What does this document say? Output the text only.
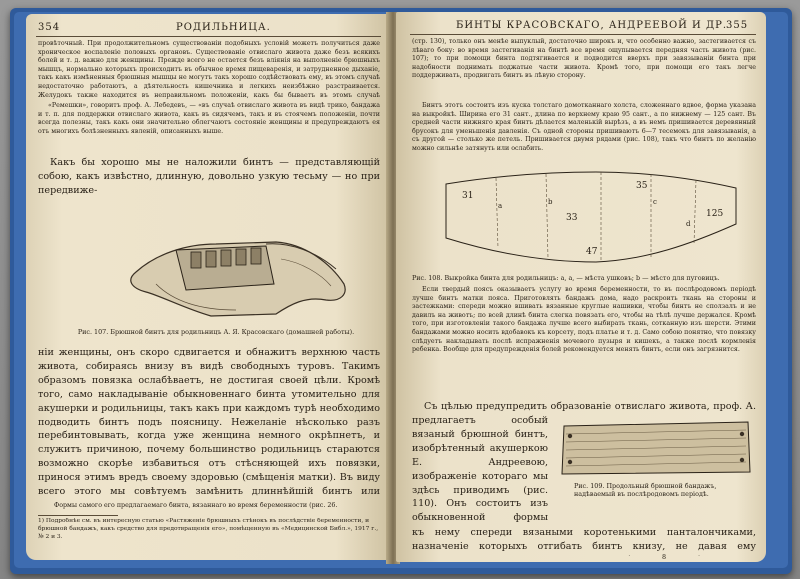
354	РОДИЛЬНИЦА.
провѣточный. При продолжительномъ существованіи подобныхъ условій можетъ получиться даже хроническое воспаленіе половыхъ органовъ. Существованіе отвислаго живота даже безъ всякихъ болей и т. д. важно для женщины. Прежде всего не остается безъ вліянія на выполненіе брюшныхъ мышцъ, нормально которыхъ происходитъ въ обычное время пищеваренія, и затрудненное дыханіе, такъ какъ измѣненныя брюшныя мышцы не могутъ такъ хорошо содѣйствовать ему, въ этомъ случаѣ недостаточно работаютъ, а дѣятельность кишечника и легкихъ неизбѣжно разстраивается. Желудокъ также находится въ неправильномъ положеніи, какъ бы бываетъ въ этомъ случаѣ
«Ремешки», говоритъ проф. А. Лебедевъ, — «въ случаѣ отвислаго живота въ видѣ трико, бандажа и т. п. для поддержки отвислаго живота, какъ въ сидячемъ, такъ и въ стоячемъ положеніи, почти всегда полезны, такъ какъ они значительно облегчаютъ состояніе женщины и предупреждаютъ ея отъ многихъ болѣзненныхъ явленій, описанныхъ выше.
Какъ бы хорошо мы не наложили бинтъ — представляющій собою, какъ извѣстно, длинную, довольно узкую тесьму — но при передвиже-
Рис. 107. Брюшной бинтъ для родильницъ А. Я. Красовскаго (домашней работы).
ніи женщины, онъ скоро сдвигается и обнажитъ верхнюю часть живота, собираясь внизу въ видѣ свободныхъ туровъ. Такимъ образомъ повязка ослабѣваетъ, не достигая своей цѣли. Кромѣ того, само накладываніе обыкновеннаго бинта утомительно для акушерки и родильницы, такъ какъ при каждомъ турѣ необходимо подводить бинтъ подъ поясницу. Нежеланіе нѣсколько разъ перебинтовывать, когда уже женщина немного окрѣпнетъ, и служитъ причиною, почему большинство родильницъ стараются возможно скорѣе избавиться отъ стѣсняющей ихъ повязки, принося этимъ вредъ своему здоровью (смѣщенія матки). Въ виду всего этого мы совѣтуемъ замѣнить длиннѣйшій бинтъ или
Формы самого его предлагаемаго бинта, вязаннаго во время беременности (рис. 26.
1) Подробнѣе см. въ интересную статью «Растяженіе брюшныхъ стѣнокъ въ послѣдствіе беременности, и брюшной бандажъ, какъ средство для предотвращенія его», помѣщенную въ «Медицинской Библ.», 1917 г., № 2 и 3.
БИНТЫ КРАСОВСКАГО, АНДРЕЕВОЙ И ДР. 355
(стр. 130), только онъ менѣе выпуклый, достаточно широкъ и, что особенно важно, застегивается съ лѣваго боку: во время застегиванія на бинтѣ все время ощупывается передняя часть живота (рис. 107); то при помощи бинта подтягивается и подводится вверхъ при завязываніи бинта при надобности поднимать поджатые части живота. Кромѣ того, при помощи его такъ легче поддерживать, продвигать бинтъ въ лѣвую сторону.
Бинтъ этотъ состоитъ изъ куска толстаго домотканнаго холста, сложеннаго вдвое, форма указана на выкройкѣ. Ширина его 31 сант., длина по верхнему краю 95 сант., а по нижнему — 125 сант. Въ средней части нижняго края бинтъ дѣлается маленькій вырѣзъ, а въ немъ пришивается деревянный брусокъ для уменьшенія давленія. Съ одной стороны пришиваютъ 6—7 тесемокъ для завязыванія, а съ другой — столько же петель. Пришивается двумя рядами (рис. 108), такъ что бинтъ по желанію можно сильнѣе затянуть или ослабить.
31
35
125
33
47
a	b	c
d
Рис. 108. Выкройка бинта для родильницъ: а, a, — мѣста ушковъ; b — мѣсто для пуговицъ.
Если твердый поясъ оказываетъ услугу во время беременности, то въ послѣродовомъ періодѣ лучше бинтъ матки пояса. Приготовлять бандажъ дома, надо раскроить ткань на стороны и застежками: спереди можно вшивать вязанные круглые нашивки, чтобы бинтъ не сползалъ и не давилъ на животъ; по всей длинѣ бинта слегка повязать его, чтобы на тѣлѣ лучше держался. Кромѣ того, при изготовленіи такого бандажа лучше всего выбирать ткань, сотканную изъ шерсти. Этими бандажами можно носить вдобавокъ къ корсету, подъ платье и т. д. Само собою понятно, что повязку слѣдуетъ накладывать послѣ испражненія мочевого пузыря и кишекъ, а также послѣ кормленія ребенка. Вообще для предупрежденія болей рекомендуется менять бинтъ, если онъ загрязнится.
Съ цѣлью предупредить образованіе отвислаго живота, проф. А.
предлагаетъ особый вязаный брюшной бинтъ, изобрѣтенный акушеркою Е. Андреевою, изображеніе котораго мы здѣсь приводимъ (рис. 110). Онъ состоитъ изъ обыкновенной формы
Рис. 109. Продольный брюшной бандажъ, надѣваемый въ послѣродовомъ періодѣ.
къ нему спереди вязаными коротенькими панталончиками, назначеніе которыхъ отгибать бинтъ книзу, не давая ему
8
